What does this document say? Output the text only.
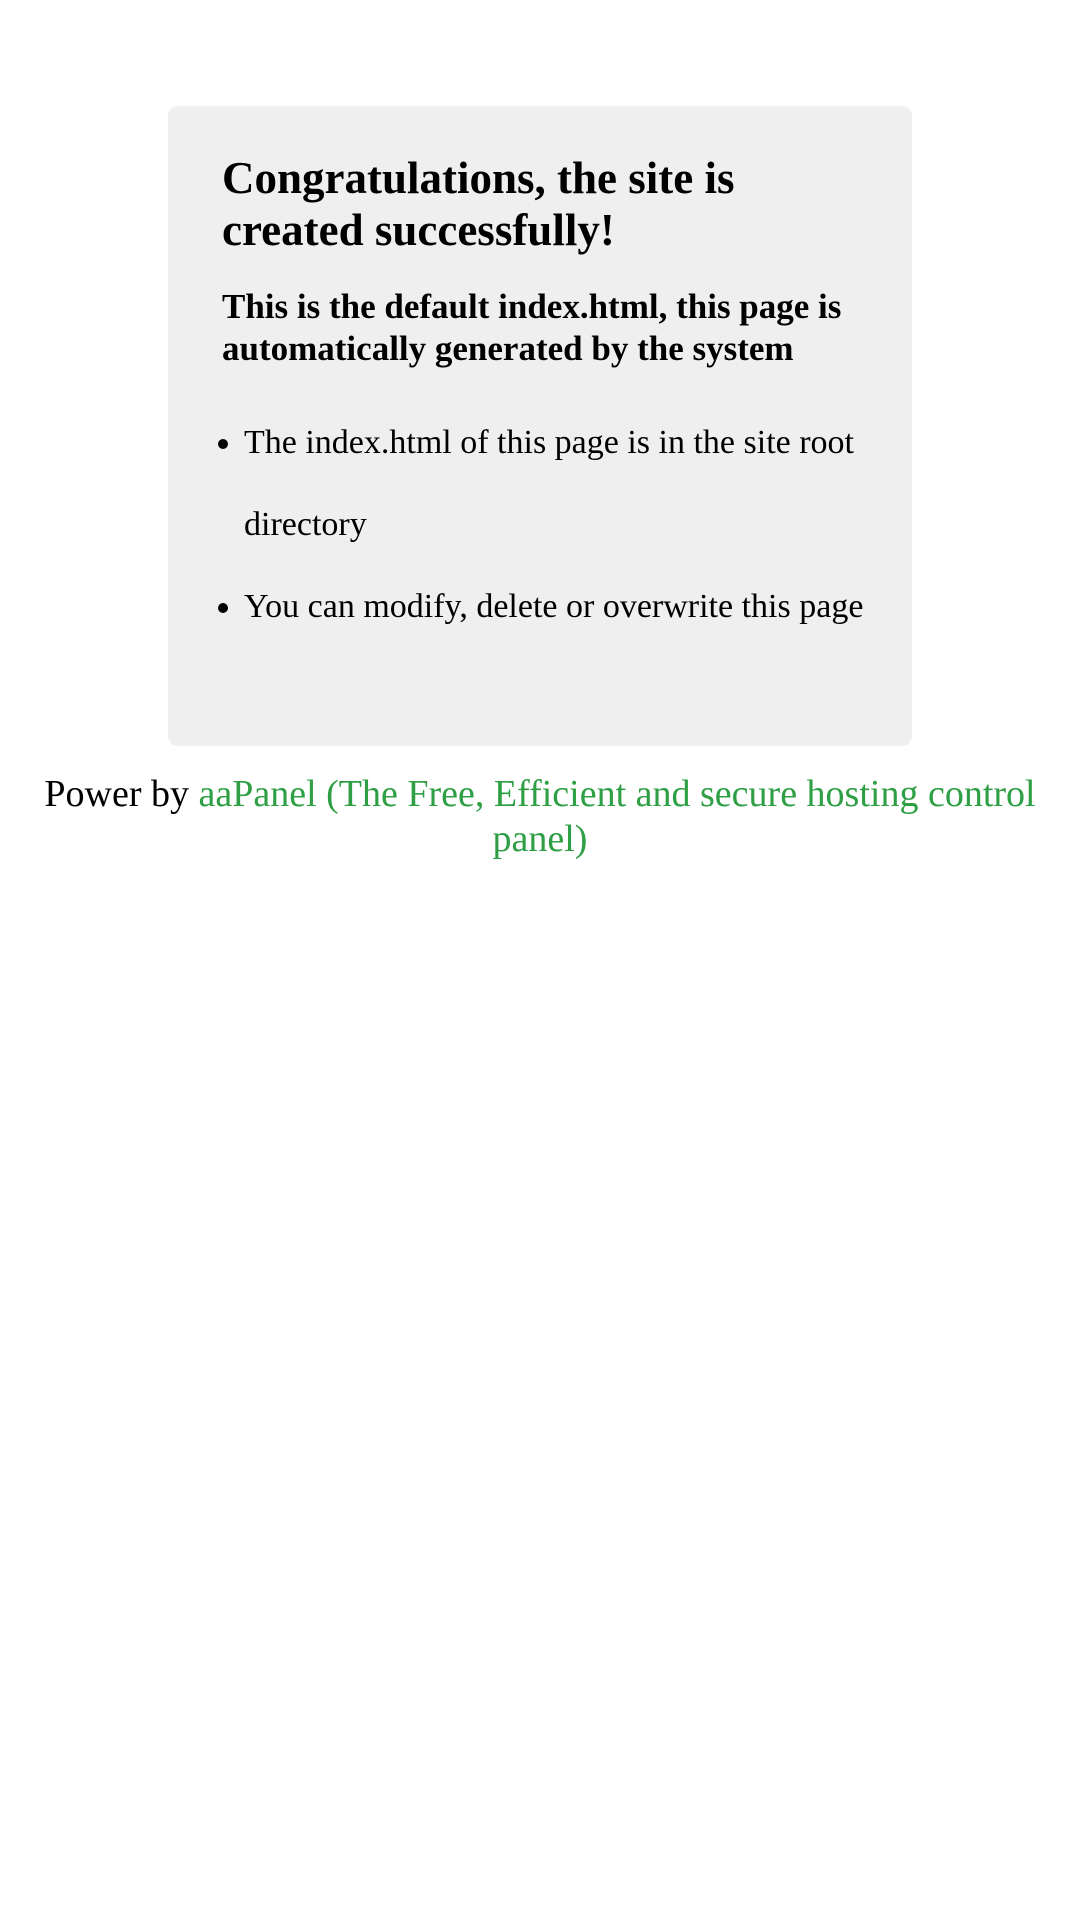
Congratulations, the site is created successfully!
This is the default index.html, this page is automatically generated by the system
• The index.html of this page is in the site root directory
• You can modify, delete or overwrite this page
Power by aaPanel (The Free, Efficient and secure hosting control panel)
